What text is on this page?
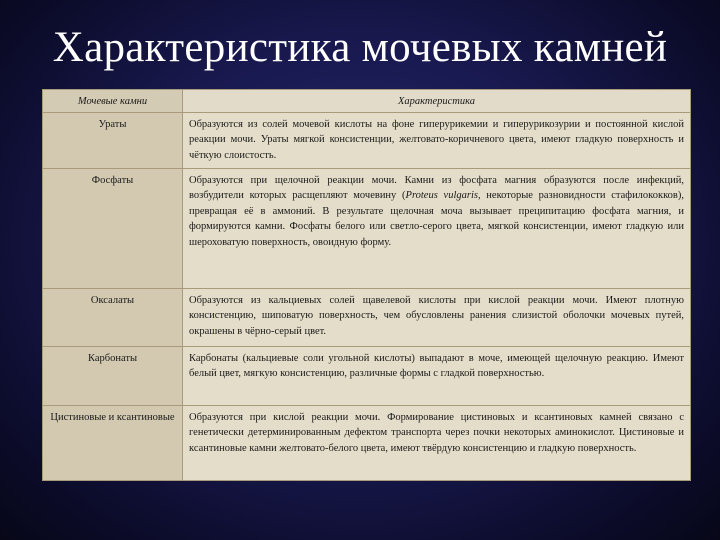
Характеристика мочевых камней
Мочевые камни	Характеристика
Ураты	Образуются из солей мочевой кислоты на фоне гиперурикемии и гиперурикозурии и постоянной кислой реакции мочи. Ураты мягкой консистенции, желтовато-коричневого цвета, имеют гладкую поверхность и чёткую слоистость.
Фосфаты	Образуются при щелочной реакции мочи. Камни из фосфата магния образуются после инфекций, возбудители которых расщепляют мочевину (Proteus vulgaris, некоторые разновидности стафилококков), превращая её в аммоний. В результате щелочная моча вызывает преципитацию фосфата магния, и формируются камни. Фосфаты белого или светло-серого цвета, мягкой консистенции, имеют гладкую или шероховатую поверхность, овоидную форму.
Оксалаты	Образуются из кальциевых солей щавелевой кислоты при кислой реакции мочи. Имеют плотную консистенцию, шиповатую поверхность, чем обусловлены ранения слизистой оболочки мочевых путей, окрашены в чёрно-серый цвет.
Карбонаты	Карбонаты (кальциевые соли угольной кислоты) выпадают в моче, имеющей щелочную реакцию. Имеют белый цвет, мягкую консистенцию, различные формы с гладкой поверхностью.
Цистиновые и ксантиновые	Образуются при кислой реакции мочи. Формирование цистиновых и ксантиновых камней связано с генетически детерминированным дефектом транспорта через почки некоторых аминокислот. Цистиновые и ксантиновые камни желтовато-белого цвета, имеют твёрдую консистенцию и гладкую поверхность.
